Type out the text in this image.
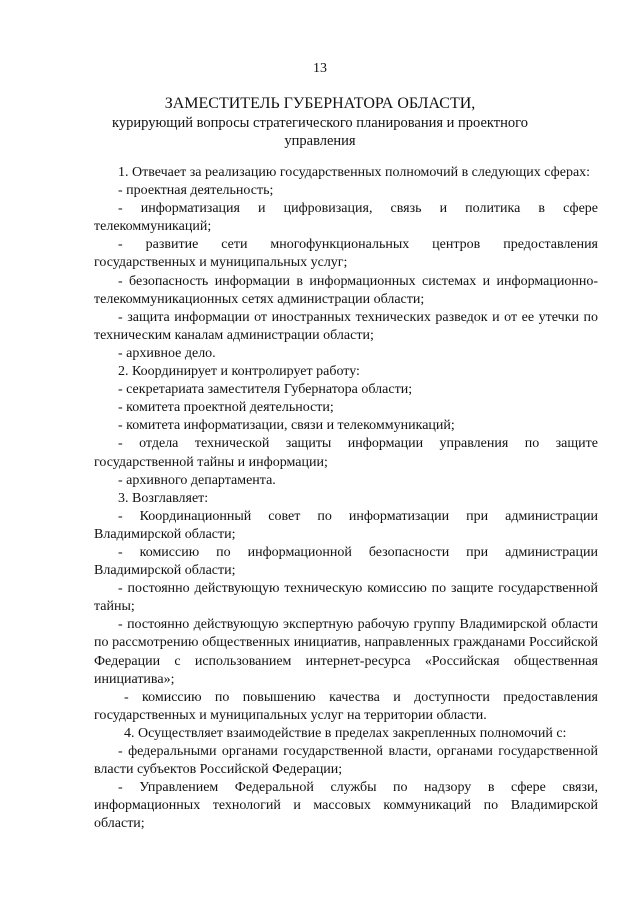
13
ЗАМЕСТИТЕЛЬ ГУБЕРНАТОРА ОБЛАСТИ,
курирующий вопросы стратегического планирования и проектного управления

1. Отвечает за реализацию государственных полномочий в следующих сферах:

- проектная деятельность;

- информатизация и цифровизация, связь и политика в сфере телекоммуникаций;

- развитие сети многофункциональных центров предоставления государственных и муниципальных услуг;

- безопасность информации в информационных системах и информационно-телекоммуникационных сетях администрации области;

- защита информации от иностранных технических разведок и от ее утечки по техническим каналам администрации области;

- архивное дело.

2. Координирует и контролирует работу:

- секретариата заместителя Губернатора области;

- комитета проектной деятельности;

- комитета информатизации, связи и телекоммуникаций;

- отдела технической защиты информации управления по защите государственной тайны и информации;

- архивного департамента.

3. Возглавляет:

- Координационный совет по информатизации при администрации Владимирской области;

- комиссию по информационной безопасности при администрации Владимирской области;

- постоянно действующую техническую комиссию по защите государственной тайны;

- постоянно действующую экспертную рабочую группу Владимирской области по рассмотрению общественных инициатив, направленных гражданами Российской Федерации с использованием интернет-ресурса «Российская общественная инициатива»;

- комиссию по повышению качества и доступности предоставления государственных и муниципальных услуг на территории области.

4. Осуществляет взаимодействие в пределах закрепленных полномочий с:

- федеральными органами государственной власти, органами государственной власти субъектов Российской Федерации;

- Управлением Федеральной службы по надзору в сфере связи, информационных технологий и массовых коммуникаций по Владимирской области;
